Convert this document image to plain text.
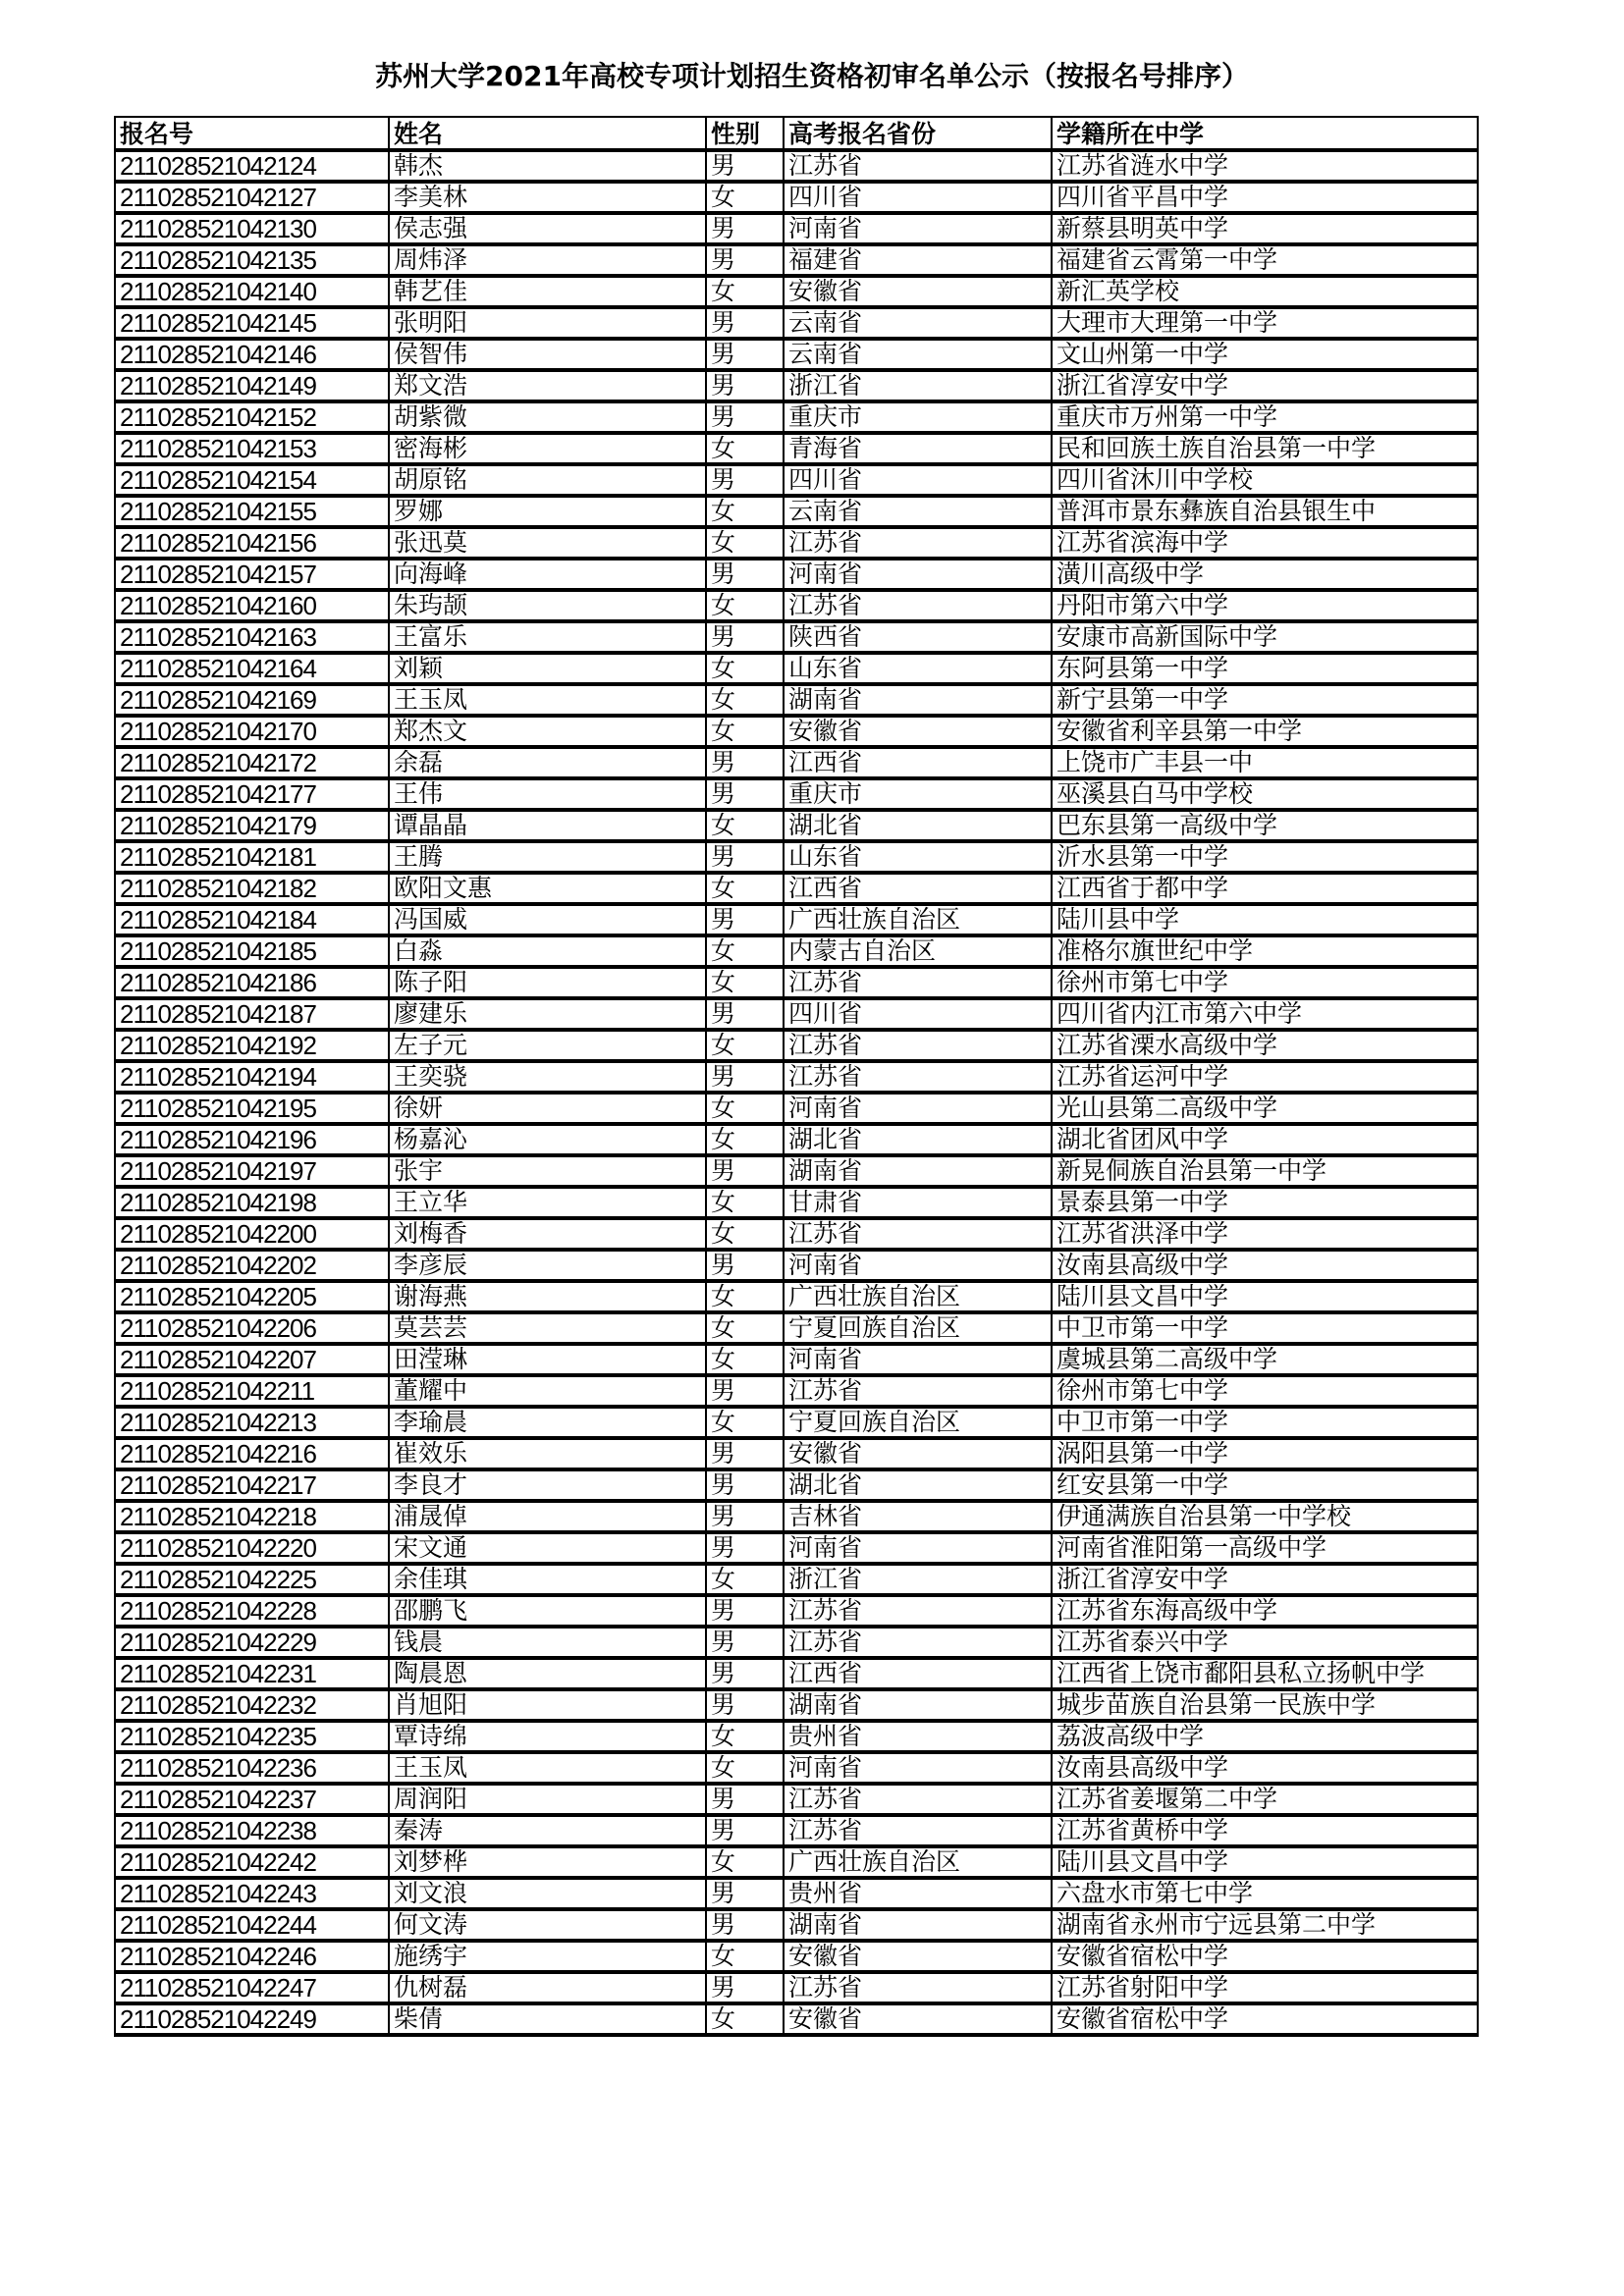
苏州大学2021年高校专项计划招生资格初审名单公示（按报名号排序）
报名号	姓名	性别	高考报名省份	学籍所在中学
211028521042124	韩杰	男	江苏省	江苏省涟水中学
211028521042127	李美林	女	四川省	四川省平昌中学
211028521042130	侯志强	男	河南省	新蔡县明英中学
211028521042135	周炜泽	男	福建省	福建省云霄第一中学
211028521042140	韩艺佳	女	安徽省	新汇英学校
211028521042145	张明阳	男	云南省	大理市大理第一中学
211028521042146	侯智伟	男	云南省	文山州第一中学
211028521042149	郑文浩	男	浙江省	浙江省淳安中学
211028521042152	胡紫微	男	重庆市	重庆市万州第一中学
211028521042153	密海彬	女	青海省	民和回族土族自治县第一中学
211028521042154	胡原铭	男	四川省	四川省沐川中学校
211028521042155	罗娜	女	云南省	普洱市景东彝族自治县银生中
211028521042156	张迅莫	女	江苏省	江苏省滨海中学
211028521042157	向海峰	男	河南省	潢川高级中学
211028521042160	朱玙颉	女	江苏省	丹阳市第六中学
211028521042163	王富乐	男	陕西省	安康市高新国际中学
211028521042164	刘颖	女	山东省	东阿县第一中学
211028521042169	王玉凤	女	湖南省	新宁县第一中学
211028521042170	郑杰文	女	安徽省	安徽省利辛县第一中学
211028521042172	余磊	男	江西省	上饶市广丰县一中
211028521042177	王伟	男	重庆市	巫溪县白马中学校
211028521042179	谭晶晶	女	湖北省	巴东县第一高级中学
211028521042181	王腾	男	山东省	沂水县第一中学
211028521042182	欧阳文惠	女	江西省	江西省于都中学
211028521042184	冯国威	男	广西壮族自治区	陆川县中学
211028521042185	白淼	女	内蒙古自治区	准格尔旗世纪中学
211028521042186	陈子阳	女	江苏省	徐州市第七中学
211028521042187	廖建乐	男	四川省	四川省内江市第六中学
211028521042192	左子元	女	江苏省	江苏省溧水高级中学
211028521042194	王奕骁	男	江苏省	江苏省运河中学
211028521042195	徐妍	女	河南省	光山县第二高级中学
211028521042196	杨嘉沁	女	湖北省	湖北省团风中学
211028521042197	张宇	男	湖南省	新晃侗族自治县第一中学
211028521042198	王立华	女	甘肃省	景泰县第一中学
211028521042200	刘梅香	女	江苏省	江苏省洪泽中学
211028521042202	李彦辰	男	河南省	汝南县高级中学
211028521042205	谢海燕	女	广西壮族自治区	陆川县文昌中学
211028521042206	莫芸芸	女	宁夏回族自治区	中卫市第一中学
211028521042207	田滢琳	女	河南省	虞城县第二高级中学
211028521042211	董耀中	男	江苏省	徐州市第七中学
211028521042213	李瑜晨	女	宁夏回族自治区	中卫市第一中学
211028521042216	崔效乐	男	安徽省	涡阳县第一中学
211028521042217	李良才	男	湖北省	红安县第一中学
211028521042218	浦晟倬	男	吉林省	伊通满族自治县第一中学校
211028521042220	宋文通	男	河南省	河南省淮阳第一高级中学
211028521042225	余佳琪	女	浙江省	浙江省淳安中学
211028521042228	邵鹏飞	男	江苏省	江苏省东海高级中学
211028521042229	钱晨	男	江苏省	江苏省泰兴中学
211028521042231	陶晨恩	男	江西省	江西省上饶市鄱阳县私立扬帆中学
211028521042232	肖旭阳	男	湖南省	城步苗族自治县第一民族中学
211028521042235	覃诗绵	女	贵州省	荔波高级中学
211028521042236	王玉凤	女	河南省	汝南县高级中学
211028521042237	周润阳	男	江苏省	江苏省姜堰第二中学
211028521042238	秦涛	男	江苏省	江苏省黄桥中学
211028521042242	刘梦桦	女	广西壮族自治区	陆川县文昌中学
211028521042243	刘文浪	男	贵州省	六盘水市第七中学
211028521042244	何文涛	男	湖南省	湖南省永州市宁远县第二中学
211028521042246	施绣宇	女	安徽省	安徽省宿松中学
211028521042247	仇树磊	男	江苏省	江苏省射阳中学
211028521042249	柴倩	女	安徽省	安徽省宿松中学
